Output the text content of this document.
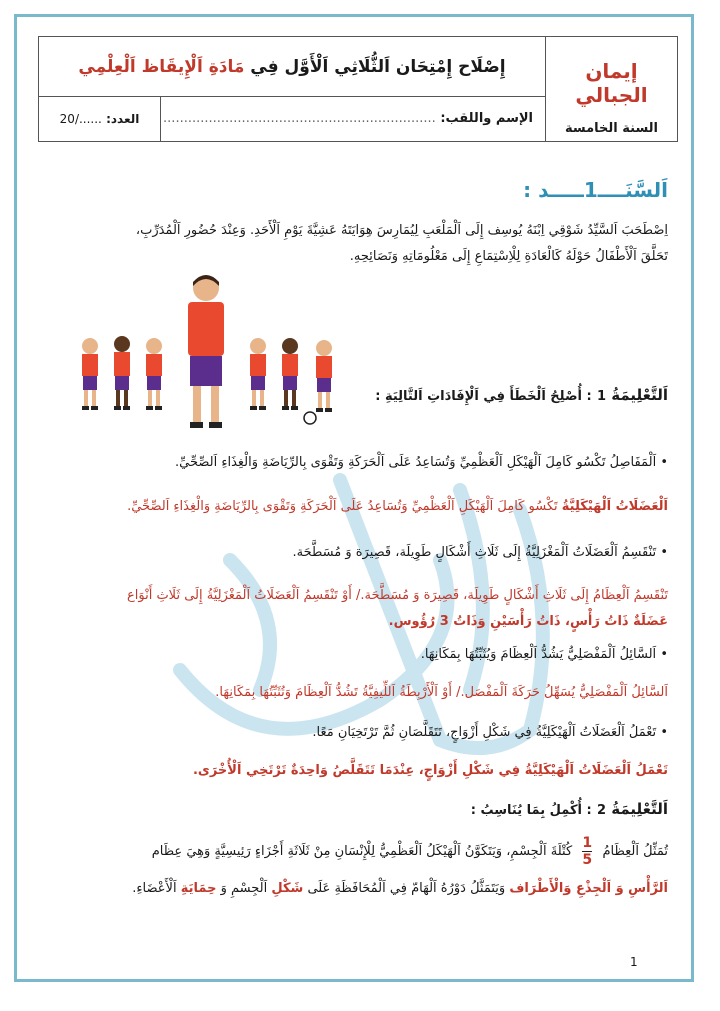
إيمان الجبالي
السنة الخامسة
إِصْلَاح إِمْتِحَان اَلثُّلَاثِي اَلْأَوَّل فِي مَادَةِ اَلْإِيقَاظ اَلْعِلْمِي
الإسم واللقب: ..................................................................
العدد: ....../20
اَلسَّنَــــ1ـــــد :
اِصْطَحَبَ اَلسَّيِّدُ شَوْقِي اِبْنَهُ يُوسِف إِلَى اَلْمَلْعَبِ لِيُمَارِسَ هِوَايَتَهُ عَشِيَّةَ يَوْمِ اَلْأَحَدِ. وَعِنْدَ حُضُورِ اَلْمُدَرِّبِ،
تَحَلَّقَ اَلْأَطْفَالُ حَوْلَهُ كَالْعَادَةِ لِلْاِسْتِمَاعِ إِلَى مَعْلُومَاتِهِ وَنَصَائِحِهِ.
اَلتَّعْلِيمَةُ 1 : أُصْلِحُ اَلْخَطَأَ فِي اَلْإِفَادَاتِ اَلتَّالِيَةِ :
• اَلْمَفَاصِلُ تَكْسُو كَامِلَ اَلْهَيْكَلِ اَلْعَظْمِيِّ وَتُسَاعِدُ عَلَى اَلْحَرَكَةِ وَتَقْوَى بِالرِّيَاضَةِ وَالْغِذَاءِ اَلصِّحِّيِّ.
اَلْعَضَلَاتُ اَلْهَيْكَلِيَّةُ تَكْسُو كَامِلَ اَلْهَيْكَلِ اَلْعَظْمِيِّ وَتُسَاعِدُ عَلَى اَلْحَرَكَةِ وَتَقْوَى بِالرِّيَاضَةِ وَالْغِذَاءِ اَلصِّحِّيِّ.
• تَنْقَسِمُ اَلْعَضَلَاتُ اَلْمَغْزَلِيَّةُ إِلَى ثَلَاثِ أَشْكَالٍ طَوِيلَة، قَصِيرَة وَ مُسَطَّحَة.
تَنْقَسِمُ اَلْعِظَامُ إِلَى ثَلَاثِ أَشْكَالٍ طَوِيلَة، قَصِيرَة وَ مُسَطَّحَة./ أَوْ تَنْقَسِمُ اَلْعَضَلَاتُ اَلْمَغْزَلِيَّةُ إِلَى ثَلَاثِ أَنْوَاع
عَضَلَةٌ ذَاتُ رَأْسٍ، ذَاتُ رَأْسَيْنِ وَذَاتُ 3 رُؤُوس.
• اَلسَّائِلُ اَلْمَفْصَلِيُّ يَشُدُّ اَلْعِظَامَ وَيُثَبِّتُهَا بِمَكَانِهَا.
اَلسَّائِلُ اَلْمَفْصَلِيُّ يُسَهِّلُ حَرَكَةَ اَلْمَفْصَل./ أَوْ اَلْأَرْبِطَةُ اَللِّيفِيَّةُ تَشُدُّ اَلْعِظَامَ وَتُثَبِّتُهَا بِمَكَانِهَا.
• تَعْمَلُ اَلْعَضَلَاتُ اَلْهَيْكَلِيَّةُ فِي شَكْلِ أَزْوَاجٍ، تَتَقَلَّصَانِ ثُمَّ تَرْتَخِيَانِ مَعًا.
تَعْمَلُ اَلْعَضَلَاتُ اَلْهَيْكَلِيَّةُ فِي شَكْلِ أَزْوَاجٍ، عِنْدَمَا تَتَقَلَّصُ وَاحِدَةٌ تَرْتَخِي اَلْأُخْرَى.
اَلتَّعْلِيمَةُ 2 : أُكْمِلُ بِمَا يُنَاسِبُ :
تُمَثِّلُ اَلْعِظَامُ
$\frac{1}{5}$
كُتْلَةَ اَلْجِسْمِ، وَيَتَكَوَّنُ اَلْهَيْكَلُ اَلْعَظْمِيُّ لِلْإِنْسَانِ مِنْ ثَلَاثَةِ أَجْزَاءٍ رَئِيسِيَّةٍ وَهِيَ عِظَام
اَلرَّأْسِ وَ اَلْجِذْعِ وَالْأَطْرَاف وَيَتَمَثَّلُ دَوْرُهُ اَلْهَامّ فِي اَلْمُحَافَظَةِ عَلَى شَكْلِ اَلْجِسْمِ وَ حِمَايَةِ اَلْأَعْضَاءِ.
1
